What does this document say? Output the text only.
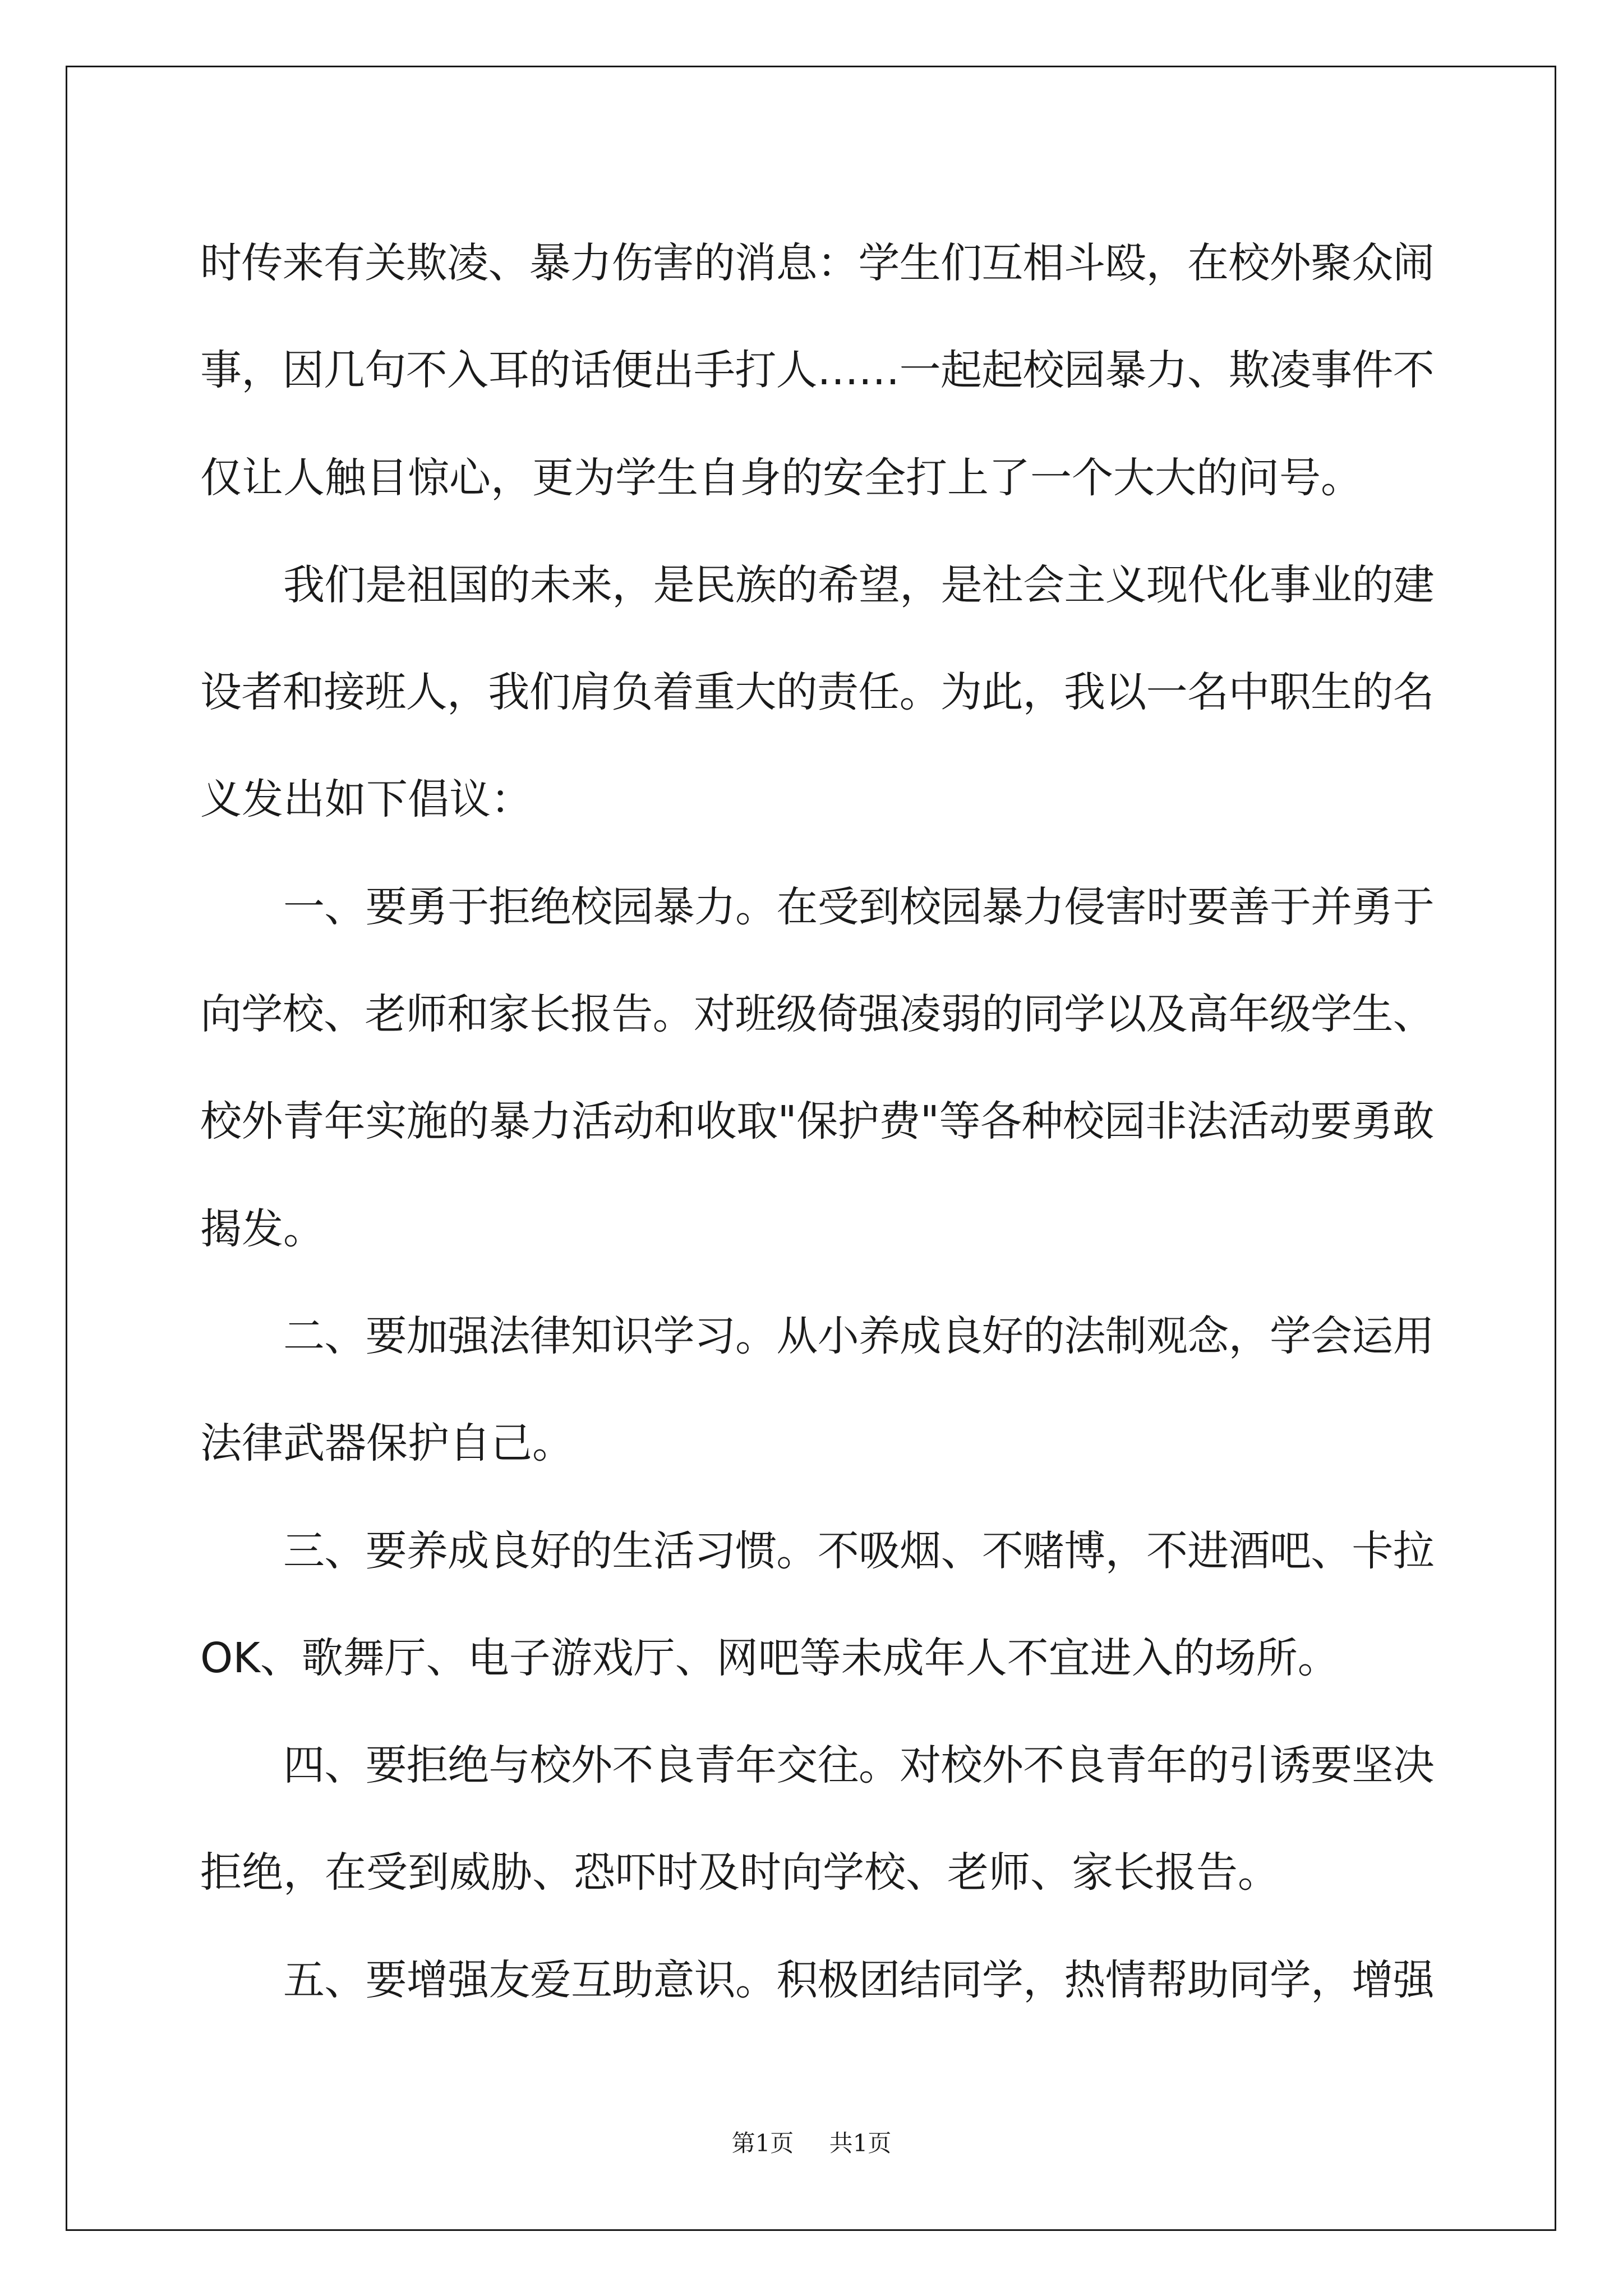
时传来有关欺凌、暴力伤害的消息：学生们互相斗殴，在校外聚众闹
事，因几句不入耳的话便出手打人……一起起校园暴力、欺凌事件不
仅让人触目惊心，更为学生自身的安全打上了一个大大的问号。
我们是祖国的未来，是民族的希望，是社会主义现代化事业的建
设者和接班人，我们肩负着重大的责任。为此，我以一名中职生的名
义发出如下倡议：
一、要勇于拒绝校园暴力。在受到校园暴力侵害时要善于并勇于
向学校、老师和家长报告。对班级倚强凌弱的同学以及高年级学生、
校外青年实施的暴力活动和收取"保护费"等各种校园非法活动要勇敢
揭发。
二、要加强法律知识学习。从小养成良好的法制观念，学会运用
法律武器保护自己。
三、要养成良好的生活习惯。不吸烟、不赌博，不进酒吧、卡拉
OK、歌舞厅、电子游戏厅、网吧等未成年人不宜进入的场所。
四、要拒绝与校外不良青年交往。对校外不良青年的引诱要坚决
拒绝，在受到威胁、恐吓时及时向学校、老师、家长报告。
五、要增强友爱互助意识。积极团结同学，热情帮助同学，增强
第1页 共1页
